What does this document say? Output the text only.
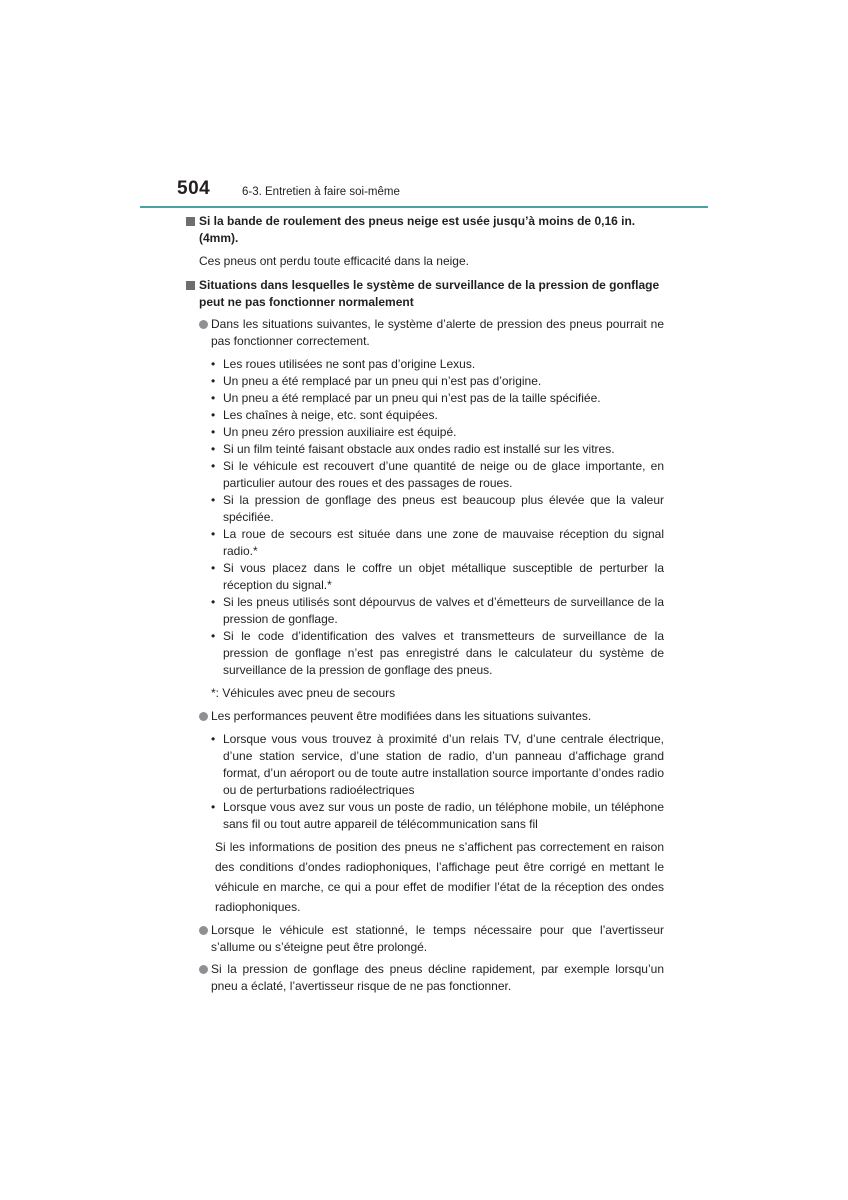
504	6-3. Entretien à faire soi-même
Si la bande de roulement des pneus neige est usée jusqu’à moins de 0,16 in. (4mm).
Ces pneus ont perdu toute efficacité dans la neige.
Situations dans lesquelles le système de surveillance de la pression de gonflage peut ne pas fonctionner normalement
Dans les situations suivantes, le système d’alerte de pression des pneus pourrait ne pas fonctionner correctement.
• Les roues utilisées ne sont pas d’origine Lexus.
• Un pneu a été remplacé par un pneu qui n’est pas d’origine.
• Un pneu a été remplacé par un pneu qui n’est pas de la taille spécifiée.
• Les chaînes à neige, etc. sont équipées.
• Un pneu zéro pression auxiliaire est équipé.
• Si un film teinté faisant obstacle aux ondes radio est installé sur les vitres.
• Si le véhicule est recouvert d’une quantité de neige ou de glace importante, en particulier autour des roues et des passages de roues.
• Si la pression de gonflage des pneus est beaucoup plus élevée que la valeur spécifiée.
• La roue de secours est située dans une zone de mauvaise réception du signal radio.*
• Si vous placez dans le coffre un objet métallique susceptible de perturber la réception du signal.*
• Si les pneus utilisés sont dépourvus de valves et d’émetteurs de surveillance de la pression de gonflage.
• Si le code d’identification des valves et transmetteurs de surveillance de la pression de gonflage n’est pas enregistré dans le calculateur du système de surveillance de la pression de gonflage des pneus.
*: Véhicules avec pneu de secours
Les performances peuvent être modifiées dans les situations suivantes.
• Lorsque vous vous trouvez à proximité d’un relais TV, d’une centrale électrique, d’une station service, d’une station de radio, d’un panneau d’affichage grand format, d’un aéroport ou de toute autre installation source importante d’ondes radio ou de perturbations radioélectriques
• Lorsque vous avez sur vous un poste de radio, un téléphone mobile, un téléphone sans fil ou tout autre appareil de télécommunication sans fil
Si les informations de position des pneus ne s’affichent pas correctement en raison des conditions d’ondes radiophoniques, l’affichage peut être corrigé en mettant le véhicule en marche, ce qui a pour effet de modifier l’état de la réception des ondes radiophoniques.
Lorsque le véhicule est stationné, le temps nécessaire pour que l’avertisseur s’allume ou s’éteigne peut être prolongé.
Si la pression de gonflage des pneus décline rapidement, par exemple lorsqu’un pneu a éclaté, l’avertisseur risque de ne pas fonctionner.
